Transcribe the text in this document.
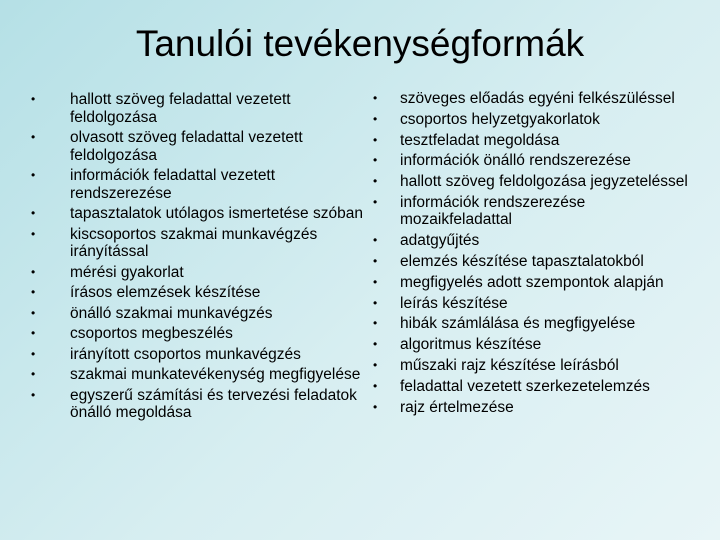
Tanulói tevékenységformák
• hallott szöveg feladattal vezetett feldolgozása
• olvasott szöveg feladattal vezetett feldolgozása
• információk feladattal vezetett rendszerezése
• tapasztalatok utólagos ismertetése szóban
• kiscsoportos szakmai munkavégzés irányítással
• mérési gyakorlat
• írásos elemzések készítése
• önálló szakmai munkavégzés
• csoportos megbeszélés
• irányított csoportos munkavégzés
• szakmai munkatevékenység megfigyelése
• egyszerű számítási és tervezési feladatok önálló megoldása
• szöveges előadás egyéni felkészüléssel
• csoportos helyzetgyakorlatok
• tesztfeladat megoldása
• információk önálló rendszerezése
• hallott szöveg feldolgozása jegyzeteléssel
• információk rendszerezése mozaikfeladattal
• adatgyűjtés
• elemzés készítése tapasztalatokból
• megfigyelés adott szempontok alapján
• leírás készítése
• hibák számlálása és megfigyelése
• algoritmus készítése
• műszaki rajz készítése leírásból
• feladattal vezetett szerkezetelemzés
• rajz értelmezése
